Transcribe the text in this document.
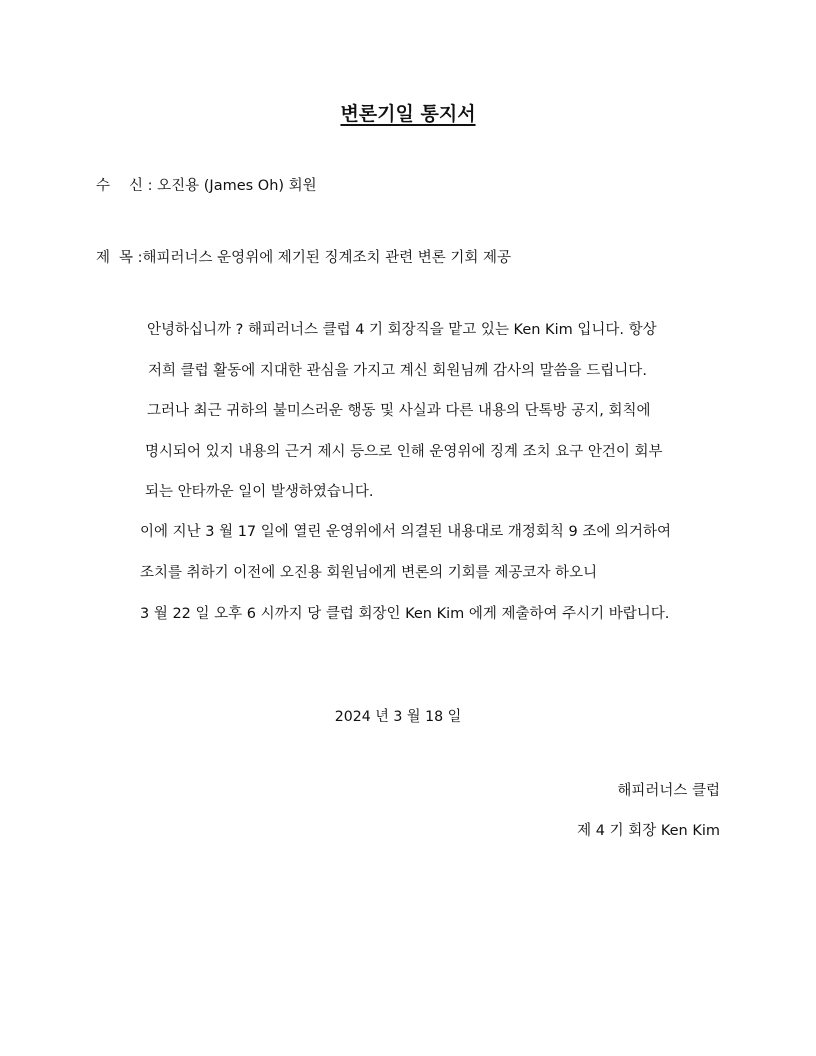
변론기일 통지서
수 신 : 오진용 (James Oh) 회원
제 목 :해피러너스 운영위에 제기된 징계조치 관련 변론 기회 제공
안녕하십니까 ? 해피러너스 클럽 4 기 회장직을 맡고 있는 Ken Kim 입니다. 항상
저희 클럽 활동에 지대한 관심을 가지고 계신 회원님께 감사의 말씀을 드립니다.
그러나 최근 귀하의 불미스러운 행동 및 사실과 다른 내용의 단톡방 공지, 회칙에
명시되어 있지 내용의 근거 제시 등으로 인해 운영위에 징계 조치 요구 안건이 회부
되는 안타까운 일이 발생하였습니다.
이에 지난 3 월 17 일에 열린 운영위에서 의결된 내용대로 개정회칙 9 조에 의거하여
조치를 취하기 이전에 오진용 회원님에게 변론의 기회를 제공코자 하오니
3 월 22 일 오후 6 시까지 당 클럽 회장인 Ken Kim 에게 제출하여 주시기 바랍니다.
2024 년 3 월 18 일
해피러너스 클럽
제 4 기 회장 Ken Kim
